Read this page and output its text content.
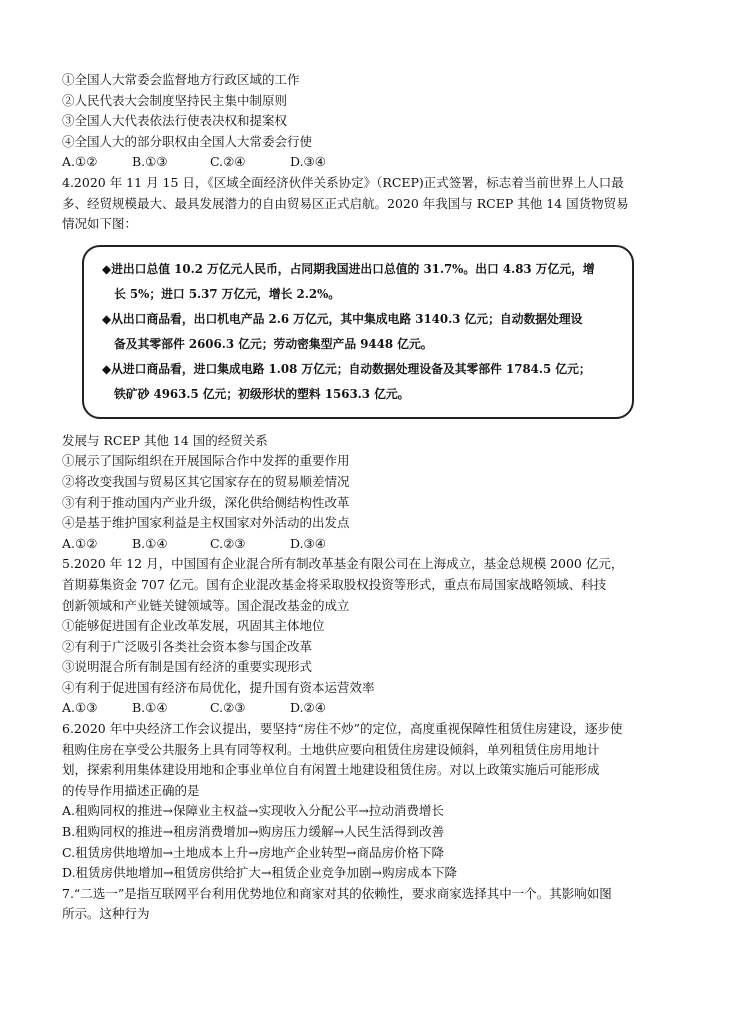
①全国人大常委会监督地方行政区域的工作
②人民代表大会制度坚持民主集中制原则
③全国人大代表依法行使表决权和提案权
④全国人大的部分职权由全国人大常委会行使
A.①②	B.①③	C.②④	D.③④
4.2020 年 11 月 15 日，《区域全面经济伙伴关系协定》（RCEP)正式签署，标志着当前世界上人口最
多、经贸规模最大、最具发展潜力的自由贸易区正式启航。2020 年我国与 RCEP 其他 14 国货物贸易
情况如下图：
◆进出口总值 10.2 万亿元人民币，占同期我国进出口总值的 31.7%。出口 4.83 万亿元，增
长 5%；进口 5.37 万亿元，增长 2.2%。
◆从出口商品看，出口机电产品 2.6 万亿元，其中集成电路 3140.3 亿元；自动数据处理设
备及其零部件 2606.3 亿元；劳动密集型产品 9448 亿元。
◆从进口商品看，进口集成电路 1.08 万亿元；自动数据处理设备及其零部件 1784.5 亿元；
铁矿砂 4963.5 亿元；初级形状的塑料 1563.3 亿元。
发展与 RCEP 其他 14 国的经贸关系
①展示了国际组织在开展国际合作中发挥的重要作用
②将改变我国与贸易区其它国家存在的贸易顺差情况
③有利于推动国内产业升级，深化供给侧结构性改革
④是基于维护国家利益是主权国家对外活动的出发点
A.①②	B.①④	C.②③	D.③④
5.2020 年 12 月，中国国有企业混合所有制改革基金有限公司在上海成立，基金总规模 2000 亿元，
首期募集资金 707 亿元。国有企业混改基金将采取股权投资等形式，重点布局国家战略领域、科技
创新领域和产业链关键领域等。国企混改基金的成立
①能够促进国有企业改革发展，巩固其主体地位
②有利于广泛吸引各类社会资本参与国企改革
③说明混合所有制是国有经济的重要实现形式
④有利于促进国有经济布局优化，提升国有资本运营效率
A.①③	B.①④	C.②③	D.②④
6.2020 年中央经济工作会议提出，要坚持“房住不炒”的定位，高度重视保障性租赁住房建设，逐步使
租购住房在享受公共服务上具有同等权利。土地供应要向租赁住房建设倾斜，单列租赁住房用地计
划，探索利用集体建设用地和企事业单位自有闲置土地建设租赁住房。对以上政策实施后可能形成
的传导作用描述正确的是
A.租购同权的推进→保障业主权益→实现收入分配公平→拉动消费增长
B.租购同权的推进→租房消费增加→购房压力缓解→人民生活得到改善
C.租赁房供地增加→土地成本上升→房地产企业转型→商品房价格下降
D.租赁房供地增加→租赁房供给扩大→租赁企业竞争加剧→购房成本下降
7.“二选一”是指互联网平台利用优势地位和商家对其的依赖性，要求商家选择其中一个。其影响如图
所示。这种行为
